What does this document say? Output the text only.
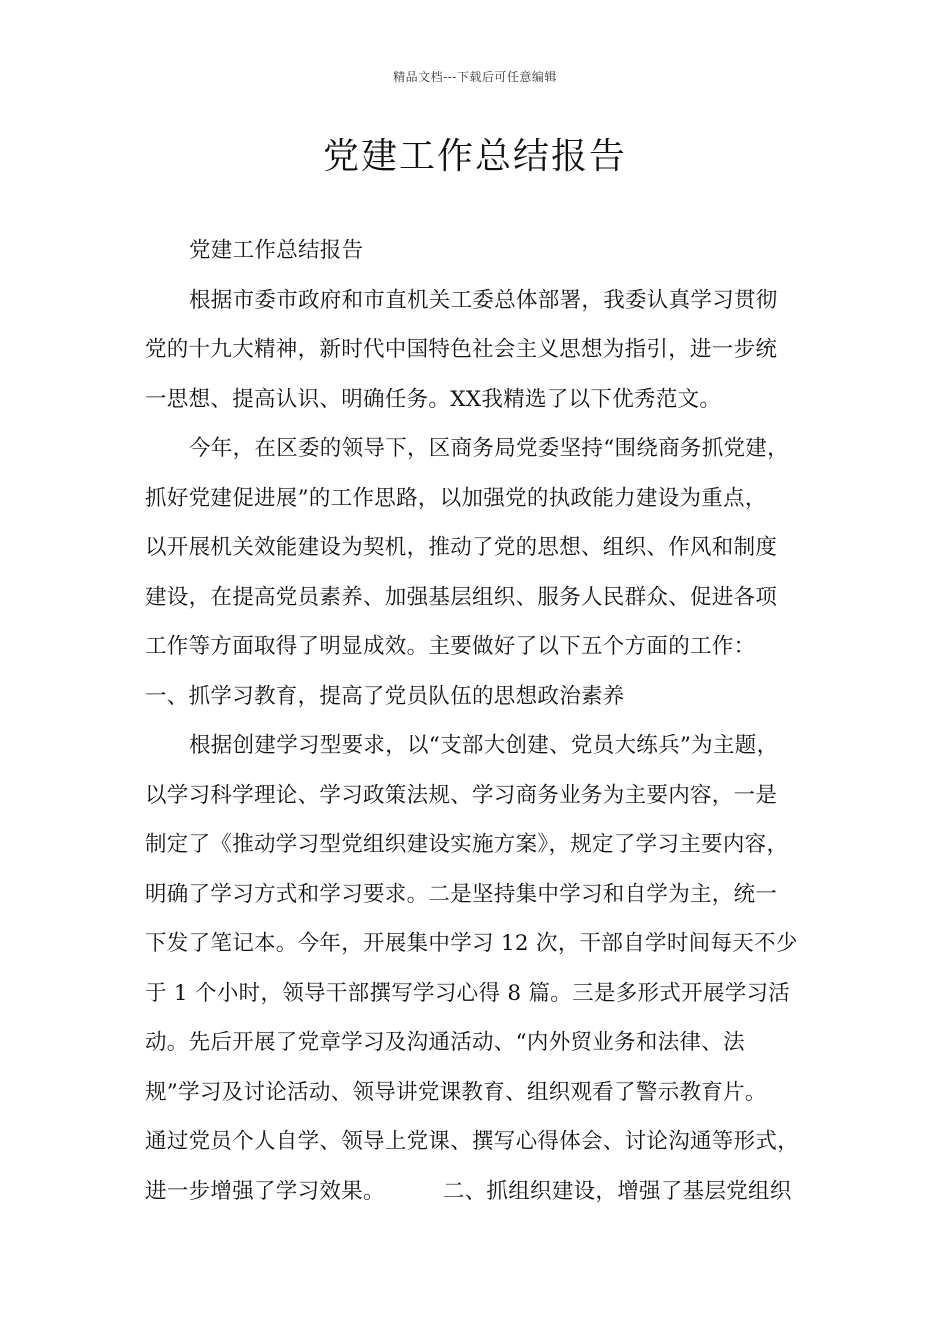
精品文档---下载后可任意编辑
党建工作总结报告
党建工作总结报告
根据市委市政府和市直机关工委总体部署，我委认真学习贯彻
党的十九大精神，新时代中国特色社会主义思想为指引，进一步统
一思想、提高认识、明确任务。XX我精选了以下优秀范文。
今年，在区委的领导下，区商务局党委坚持“围绕商务抓党建，
抓好党建促进展”的工作思路，以加强党的执政能力建设为重点，
以开展机关效能建设为契机，推动了党的思想、组织、作风和制度
建设，在提高党员素养、加强基层组织、服务人民群众、促进各项
工作等方面取得了明显成效。主要做好了以下五个方面的工作：
一、抓学习教育，提高了党员队伍的思想政治素养
根据创建学习型要求，以“支部大创建、党员大练兵”为主题，
以学习科学理论、学习政策法规、学习商务业务为主要内容，一是
制定了《推动学习型党组织建设实施方案》，规定了学习主要内容，
明确了学习方式和学习要求。二是坚持集中学习和自学为主，统一
下发了笔记本。今年，开展集中学习 12 次，干部自学时间每天不少
于 1 个小时，领导干部撰写学习心得 8 篇。三是多形式开展学习活
动。先后开展了党章学习及沟通活动、“内外贸业务和法律、法
规”学习及讨论活动、领导讲党课教育、组织观看了警示教育片。
通过党员个人自学、领导上党课、撰写心得体会、讨论沟通等形式，
进一步增强了学习效果。	二、抓组织建设，增强了基层党组织
